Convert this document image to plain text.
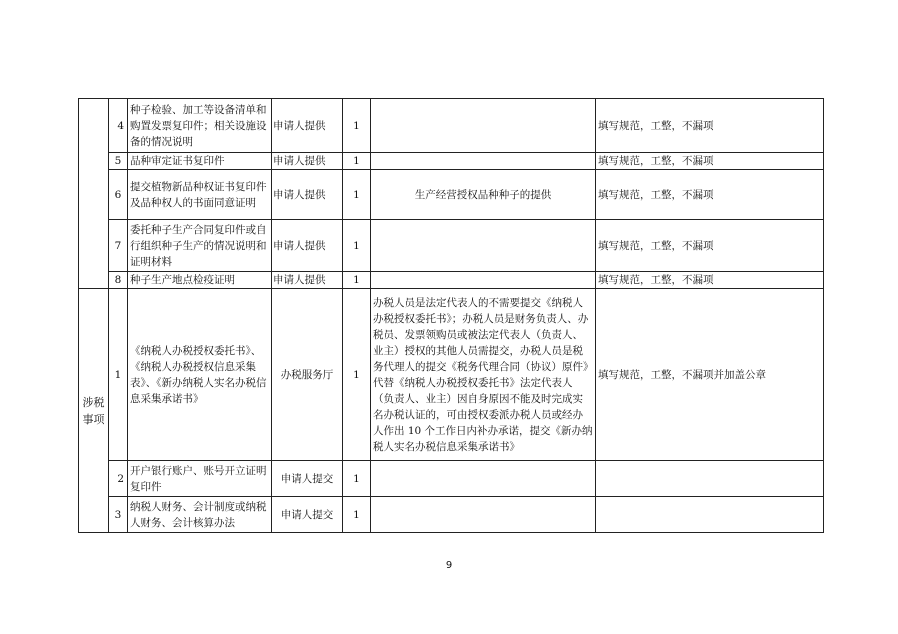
	4	种子检验、加工等设备清单和购置发票复印件；相关设施设备的情况说明	申请人提供	1		填写规范，工整，不漏项
	5	品种审定证书复印件	申请人提供	1		填写规范，工整，不漏项
	6	提交植物新品种权证书复印件及品种权人的书面同意证明	申请人提供	1	生产经营授权品种种子的提供	填写规范，工整，不漏项
	7	委托种子生产合同复印件或自行组织种子生产的情况说明和证明材料	申请人提供	1		填写规范，工整，不漏项
	8	种子生产地点检疫证明	申请人提供	1		填写规范，工整，不漏项
涉税事项	1	《纳税人办税授权委托书》、《纳税人办税授权信息采集表》、《新办纳税人实名办税信息采集承诺书》	办税服务厅	1	办税人员是法定代表人的不需要提交《纳税人办税授权委托书》；办税人员是财务负责人、办税员、发票领购员或被法定代表人（负责人、业主）授权的其他人员需提交，办税人员是税务代理人的提交《税务代理合同（协议）原件》代替《纳税人办税授权委托书》法定代表人（负责人、业主）因自身原因不能及时完成实名办税认证的，可由授权委派办税人员或经办人作出 10 个工作日内补办承诺，提交《新办纳税人实名办税信息采集承诺书》	填写规范，工整，不漏项并加盖公章
	2	开户银行账户、账号开立证明复印件	申请人提交	1		
	3	纳税人财务、会计制度或纳税人财务、会计核算办法	申请人提交	1		
9
